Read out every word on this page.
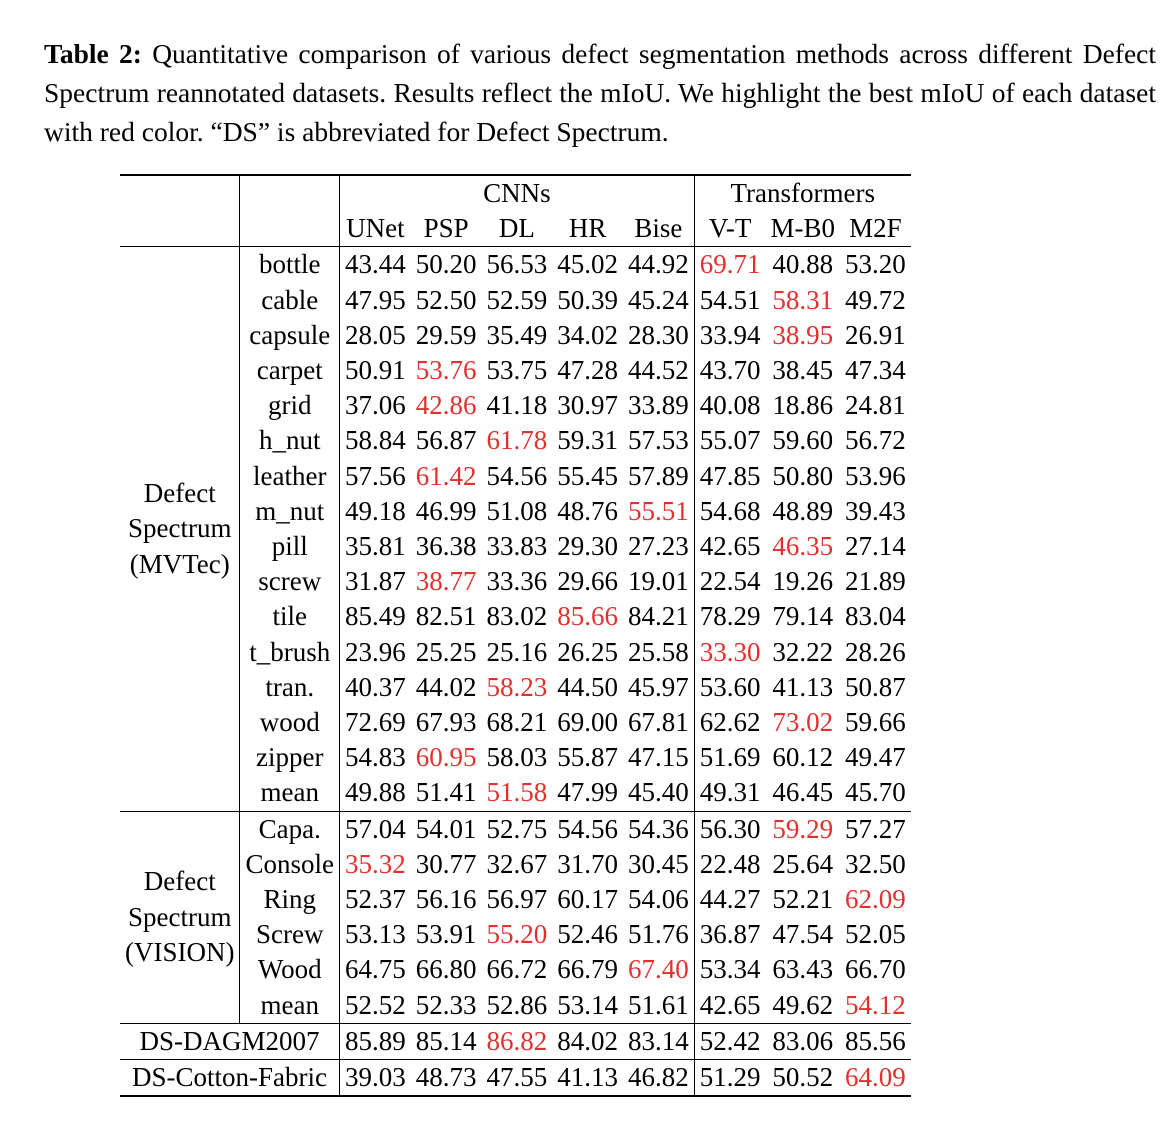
Table 2: Quantitative comparison of various defect segmentation methods across different Defect Spectrum reannotated datasets. Results reflect the mIoU. We highlight the best mIoU of each dataset with red color. “DS” is abbreviated for Defect Spectrum.

		CNNs					Transformers		
		UNet	PSP	DL	HR	Bise	V-T	M-B0	M2F

Defect
Spectrum
(MVTec)	bottle	43.44	50.20	56.53	45.02	44.92	69.71	40.88	53.20
	cable	47.95	52.50	52.59	50.39	45.24	54.51	58.31	49.72
	capsule	28.05	29.59	35.49	34.02	28.30	33.94	38.95	26.91
	carpet	50.91	53.76	53.75	47.28	44.52	43.70	38.45	47.34
	grid	37.06	42.86	41.18	30.97	33.89	40.08	18.86	24.81
	h_nut	58.84	56.87	61.78	59.31	57.53	55.07	59.60	56.72
	leather	57.56	61.42	54.56	55.45	57.89	47.85	50.80	53.96
	m_nut	49.18	46.99	51.08	48.76	55.51	54.68	48.89	39.43
	pill	35.81	36.38	33.83	29.30	27.23	42.65	46.35	27.14
	screw	31.87	38.77	33.36	29.66	19.01	22.54	19.26	21.89
	tile	85.49	82.51	83.02	85.66	84.21	78.29	79.14	83.04
	t_brush	23.96	25.25	25.16	26.25	25.58	33.30	32.22	28.26
	tran.	40.37	44.02	58.23	44.50	45.97	53.60	41.13	50.87
	wood	72.69	67.93	68.21	69.00	67.81	62.62	73.02	59.66
	zipper	54.83	60.95	58.03	55.87	47.15	51.69	60.12	49.47
	mean	49.88	51.41	51.58	47.99	45.40	49.31	46.45	45.70

Defect
Spectrum
(VISION)	Capa.	57.04	54.01	52.75	54.56	54.36	56.30	59.29	57.27
	Console	35.32	30.77	32.67	31.70	30.45	22.48	25.64	32.50
	Ring	52.37	56.16	56.97	60.17	54.06	44.27	52.21	62.09
	Screw	53.13	53.91	55.20	52.46	51.76	36.87	47.54	52.05
	Wood	64.75	66.80	66.72	66.79	67.40	53.34	63.43	66.70
	mean	52.52	52.33	52.86	53.14	51.61	42.65	49.62	54.12
DS-DAGM2007		85.89	85.14	86.82	84.02	83.14	52.42	83.06	85.56
DS-Cotton-Fabric		39.03	48.73	47.55	41.13	46.82	51.29	50.52	64.09
